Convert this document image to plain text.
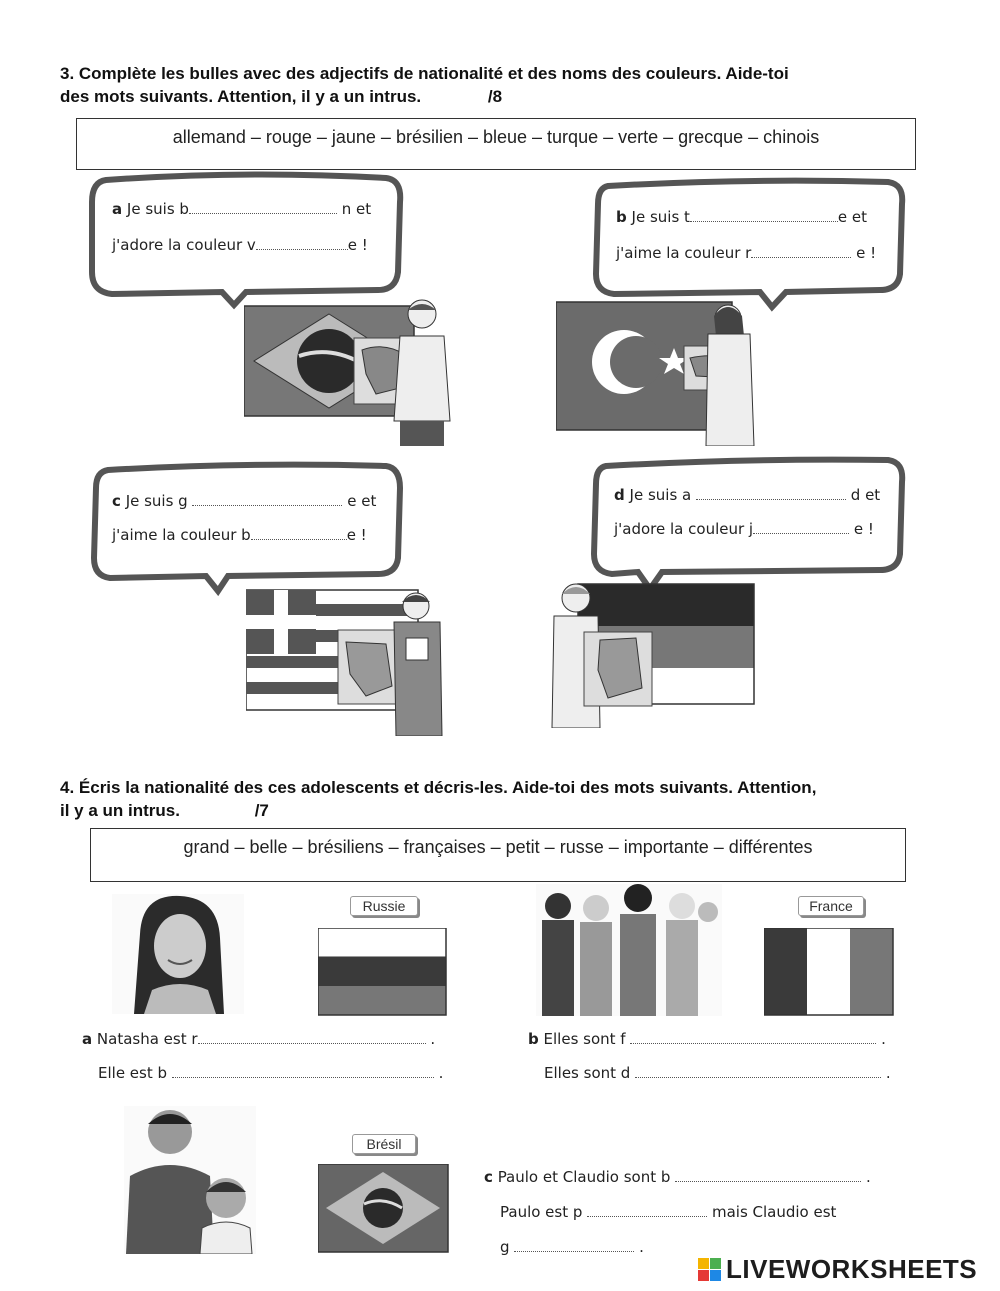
3. Complète les bulles avec des adjectifs de nationalité et des noms des couleurs. Aide-toi
des mots suivants. Attention, il y a un intrus.	/8
allemand – rouge – jaune – brésilien – bleue – turque – verte – grecque – chinois
a Je suis b	n et
j'adore la couleur v	e !
b Je suis t	e et
j'aime la couleur r	e !
c Je suis g	e et
j'aime la couleur b	e !
d Je suis a	d et
j'adore la couleur j	e !
4. Écris la nationalité des ces adolescents et décris-les. Aide-toi des mots suivants. Attention,
il y a un intrus.	/7
grand – belle – brésiliens – françaises – petit – russe – importante – différentes
Russie	France
a Natasha est r	.
Elle est b	.
b Elles sont f	.
Elles sont d	.
Brésil
c Paulo et Claudio sont b	.
Paulo est p	mais Claudio est
g	.
LIVEWORKSHEETS
